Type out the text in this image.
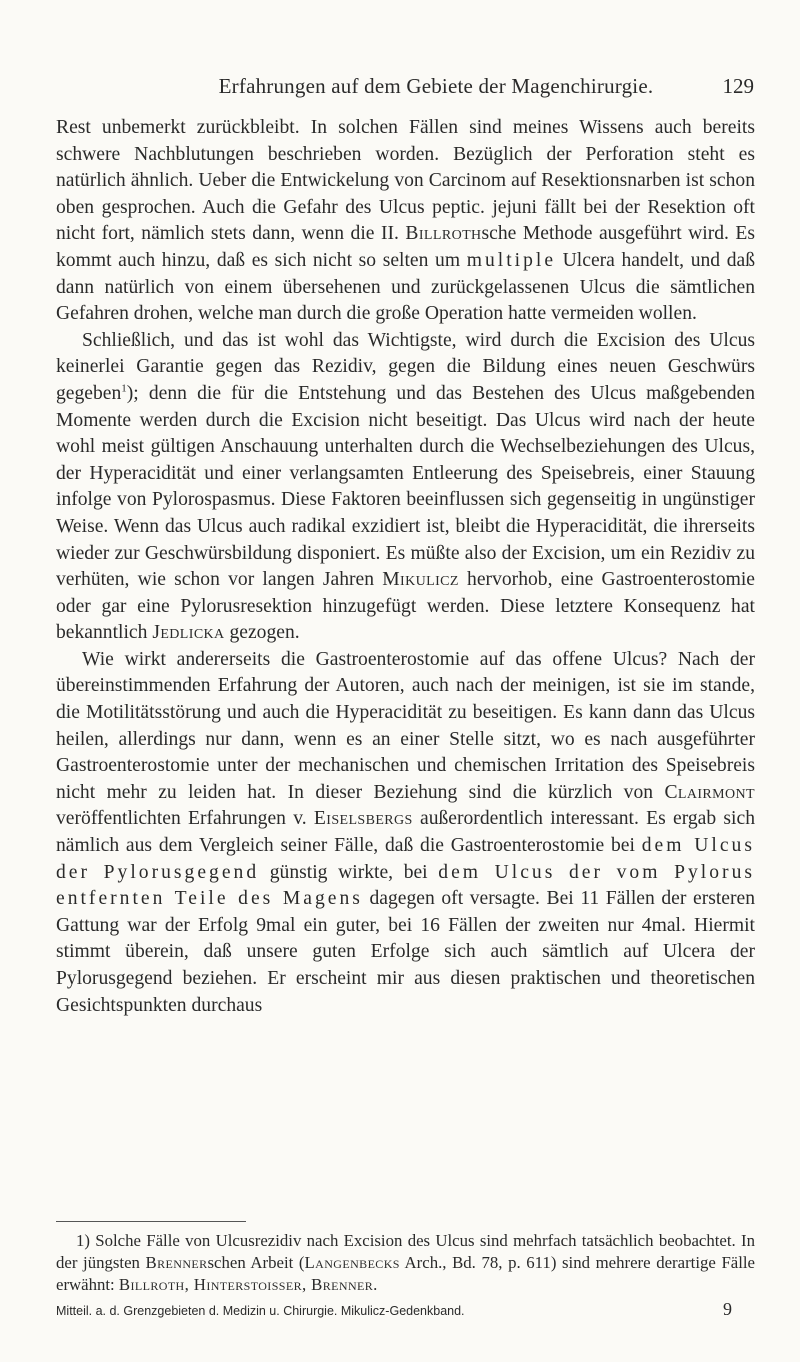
Erfahrungen auf dem Gebiete der Magenchirurgie.	129

Rest unbemerkt zurückbleibt. In solchen Fällen sind meines Wissens auch bereits schwere Nachblutungen beschrieben worden. Bezüglich der Perforation steht es natürlich ähnlich. Ueber die Entwickelung von Carcinom auf Resektionsnarben ist schon oben gesprochen. Auch die Gefahr des Ulcus peptic. jejuni fällt bei der Resektion oft nicht fort, nämlich stets dann, wenn die II. Billrothsche Methode ausgeführt wird. Es kommt auch hinzu, daß es sich nicht so selten um multiple Ulcera handelt, und daß dann natürlich von einem übersehenen und zurückgelassenen Ulcus die sämtlichen Gefahren drohen, welche man durch die große Operation hatte vermeiden wollen.

Schließlich, und das ist wohl das Wichtigste, wird durch die Excision des Ulcus keinerlei Garantie gegen das Rezidiv, gegen die Bildung eines neuen Geschwürs gegeben$^1$); denn die für die Entstehung und das Bestehen des Ulcus maßgebenden Momente werden durch die Excision nicht beseitigt. Das Ulcus wird nach der heute wohl meist gültigen Anschauung unterhalten durch die Wechselbeziehungen des Ulcus, der Hyperacidität und einer verlangsamten Entleerung des Speisebreis, einer Stauung infolge von Pylorospasmus. Diese Faktoren beeinflussen sich gegenseitig in ungünstiger Weise. Wenn das Ulcus auch radikal exzidiert ist, bleibt die Hyperacidität, die ihrerseits wieder zur Geschwürsbildung disponiert. Es müßte also der Excision, um ein Rezidiv zu verhüten, wie schon vor langen Jahren Mikulicz hervorhob, eine Gastroenterostomie oder gar eine Pylorusresektion hinzugefügt werden. Diese letztere Konsequenz hat bekanntlich Jedlicka gezogen.

Wie wirkt andererseits die Gastroenterostomie auf das offene Ulcus? Nach der übereinstimmenden Erfahrung der Autoren, auch nach der meinigen, ist sie im stande, die Motilitätsstörung und auch die Hyperacidität zu beseitigen. Es kann dann das Ulcus heilen, allerdings nur dann, wenn es an einer Stelle sitzt, wo es nach ausgeführter Gastroenterostomie unter der mechanischen und chemischen Irritation des Speisebreis nicht mehr zu leiden hat. In dieser Beziehung sind die kürzlich von Clairmont veröffentlichten Erfahrungen v. Eiselsbergs außerordentlich interessant. Es ergab sich nämlich aus dem Vergleich seiner Fälle, daß die Gastroenterostomie bei dem Ulcus der Pylorusgegend günstig wirkte, bei dem Ulcus der vom Pylorus entfernten Teile des Magens dagegen oft versagte. Bei 11 Fällen der ersteren Gattung war der Erfolg 9mal ein guter, bei 16 Fällen der zweiten nur 4mal. Hiermit stimmt überein, daß unsere guten Erfolge sich auch sämtlich auf Ulcera der Pylorusgegend beziehen. Er erscheint mir aus diesen praktischen und theoretischen Gesichtspunkten durchaus

1) Solche Fälle von Ulcusrezidiv nach Excision des Ulcus sind mehrfach tatsächlich beobachtet. In der jüngsten Brennerschen Arbeit (Langenbecks Arch., Bd. 78, p. 611) sind mehrere derartige Fälle erwähnt: Billroth, Hinterstoisser, Brenner.

Mitteil. a. d. Grenzgebieten d. Medizin u. Chirurgie. Mikulicz-Gedenkband.	9
